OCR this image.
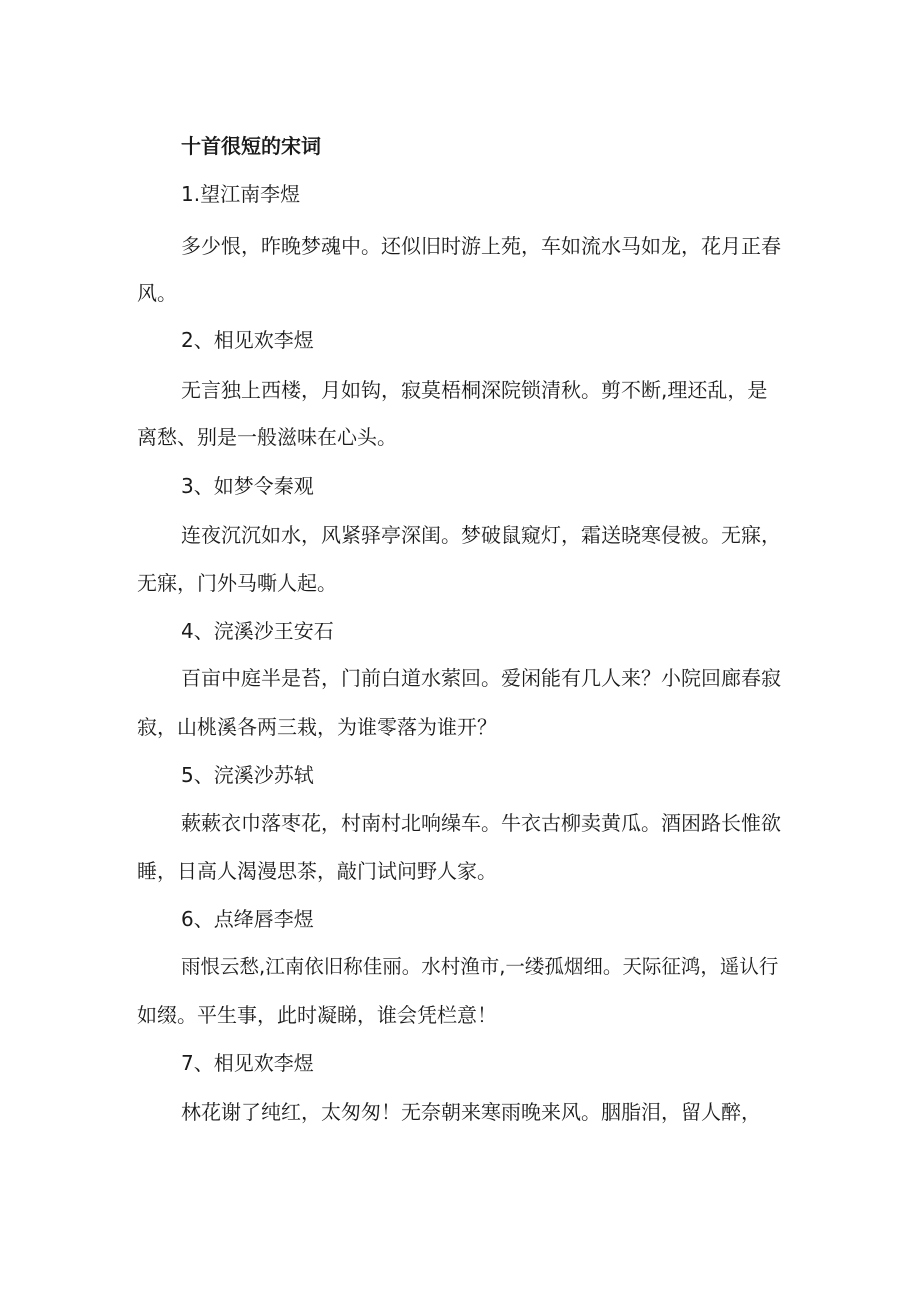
十首很短的宋词

1.望江南李煜

多少恨，昨晚梦魂中。还似旧时游上苑，车如流水马如龙，花月正春

风。

2、相见欢李煜

无言独上西楼，月如钩，寂莫梧桐深院锁清秋。剪不断,理还乱，是

离愁、别是一般滋味在心头。

3、如梦令秦观

连夜沉沉如水，风紧驿亭深闺。梦破鼠窥灯，霜送晓寒侵被。无寐，

无寐，门外马嘶人起。

4、浣溪沙王安石

百亩中庭半是苔，门前白道水萦回。爱闲能有几人来？小院回廊春寂

寂，山桃溪各两三栽，为谁零落为谁开？

5、浣溪沙苏轼

蔌蔌衣巾落枣花，村南村北响缲车。牛衣古柳卖黄瓜。酒困路长惟欲

睡，日高人渴漫思茶，敲门试问野人家。

6、点绛唇李煜

雨恨云愁,江南依旧称佳丽。水村渔市,一缕孤烟细。天际征鸿，遥认行

如缀。平生事，此时凝睇，谁会凭栏意！

7、相见欢李煜

林花谢了纯红，太匆匆！无奈朝来寒雨晚来风。胭脂泪，留人醉，
